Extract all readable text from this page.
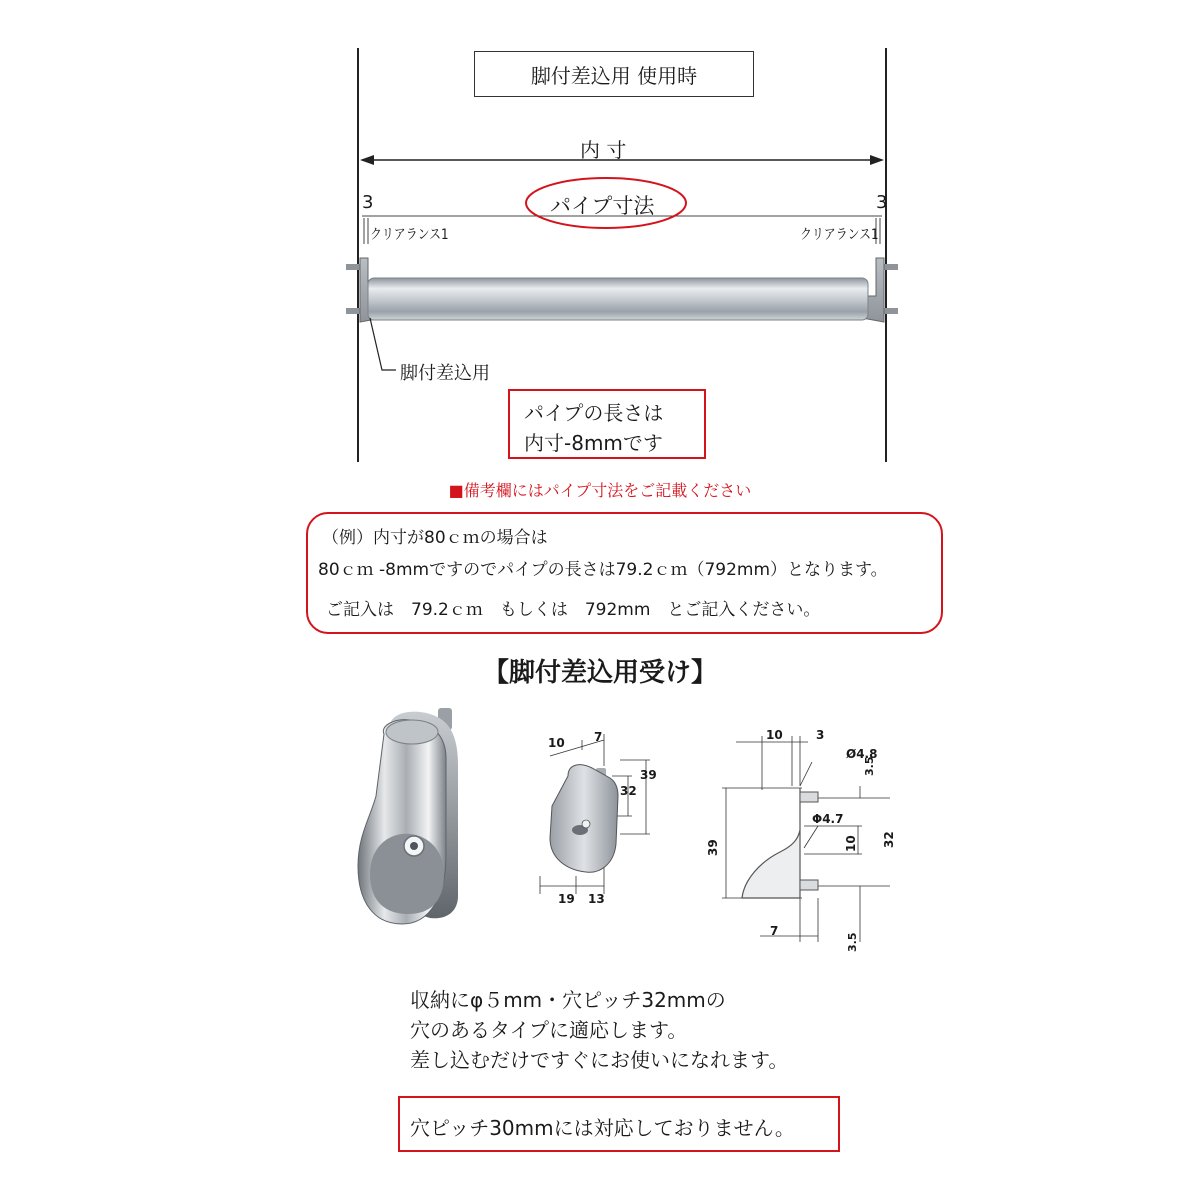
脚付差込用 使用時
内 寸
パイプ寸法
3	3
クリアランス1	クリアランス1
脚付差込用
パイプの長さは
内寸-8mmです
■備考欄にはパイプ寸法をご記載ください
（例）内寸が80ｃｍの場合は
80ｃｍ -8mmですのでパイプの長さは79.2ｃｍ（792mm）となります。
ご記入は　79.2ｃｍ　もしくは　792mm　とご記入ください。
【脚付差込用受け】
10 7
39
32
19 13
10	3
Ø4.8
3.5
Φ4.7
10 32
39
7
3.5
収納にφ５mm・穴ピッチ32mmの
穴のあるタイプに適応します。
差し込むだけですぐにお使いになれます。
穴ピッチ30mmには対応しておりません。
